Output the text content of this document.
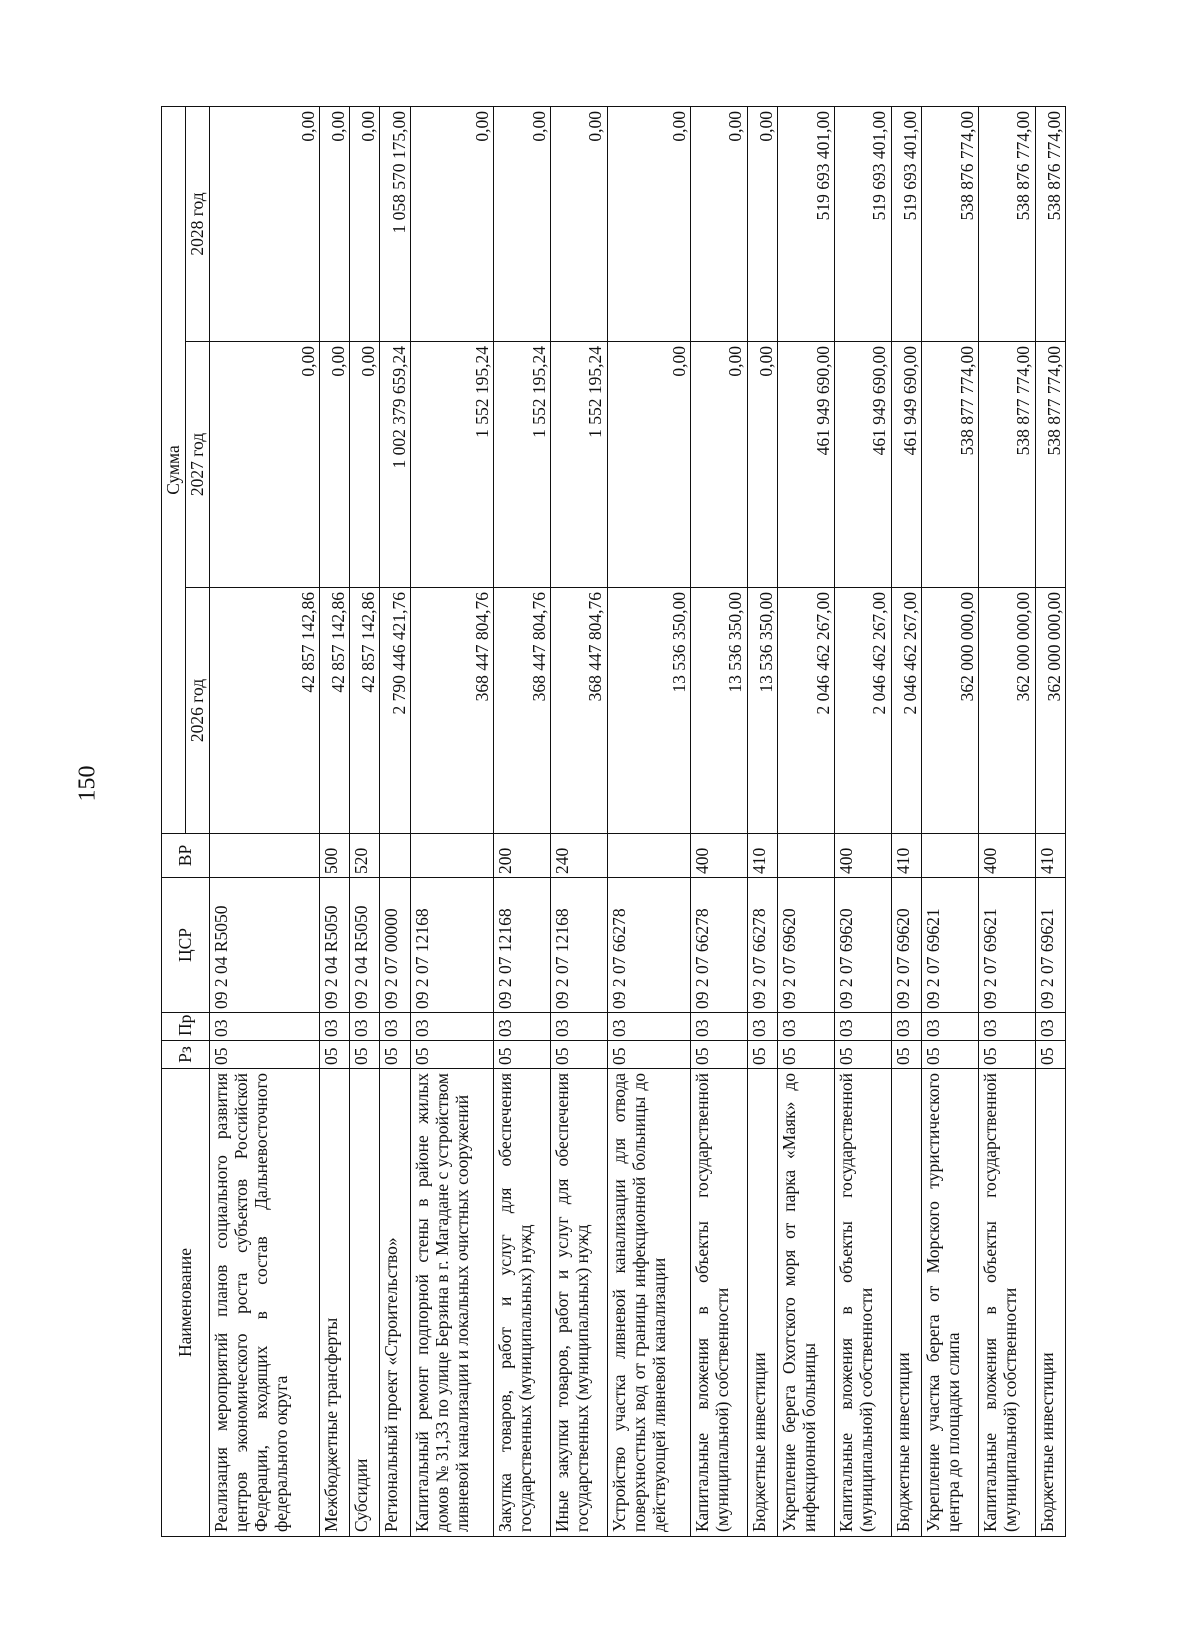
150
Наименование	Рз	Пр	ЦСР	ВР	Сумма		
					2026 год	2027 год	2028 год
Реализация мероприятий планов социального развития центров экономического роста субъектов Российской Федерации, входящих в состав Дальневосточного федерального округа	05	03	09 2 04 R5050		42 857 142,86	0,00	0,00
Межбюджетные трансферты	05	03	09 2 04 R5050	500	42 857 142,86	0,00	0,00
Субсидии	05	03	09 2 04 R5050	520	42 857 142,86	0,00	0,00
Региональный проект «Строительство»	05	03	09 2 07 00000		2 790 446 421,76	1 002 379 659,24	1 058 570 175,00
Капитальный ремонт подпорной стены в районе жилых домов № 31,33 по улице Берзина в г. Магадане с устройством ливневой канализации и локальных очистных сооружений	05	03	09 2 07 12168		368 447 804,76	1 552 195,24	0,00
Закупка товаров, работ и услуг для обеспечения государственных (муниципальных) нужд	05	03	09 2 07 12168	200	368 447 804,76	1 552 195,24	0,00
Иные закупки товаров, работ и услуг для обеспечения государственных (муниципальных) нужд	05	03	09 2 07 12168	240	368 447 804,76	1 552 195,24	0,00
Устройство участка ливневой канализации для отвода поверхностных вод от границы инфекционной больницы до действующей ливневой канализации	05	03	09 2 07 66278		13 536 350,00	0,00	0,00
Капитальные вложения в объекты государственной (муниципальной) собственности	05	03	09 2 07 66278	400	13 536 350,00	0,00	0,00
Бюджетные инвестиции	05	03	09 2 07 66278	410	13 536 350,00	0,00	0,00
Укрепление берега Охотского моря от парка «Маяк» до инфекционной больницы	05	03	09 2 07 69620		2 046 462 267,00	461 949 690,00	519 693 401,00
Капитальные вложения в объекты государственной (муниципальной) собственности	05	03	09 2 07 69620	400	2 046 462 267,00	461 949 690,00	519 693 401,00
Бюджетные инвестиции	05	03	09 2 07 69620	410	2 046 462 267,00	461 949 690,00	519 693 401,00
Укрепление участка берега от Морского туристического центра до площадки слипа	05	03	09 2 07 69621		362 000 000,00	538 877 774,00	538 876 774,00
Капитальные вложения в объекты государственной (муниципальной) собственности	05	03	09 2 07 69621	400	362 000 000,00	538 877 774,00	538 876 774,00
Бюджетные инвестиции	05	03	09 2 07 69621	410	362 000 000,00	538 877 774,00	538 876 774,00
